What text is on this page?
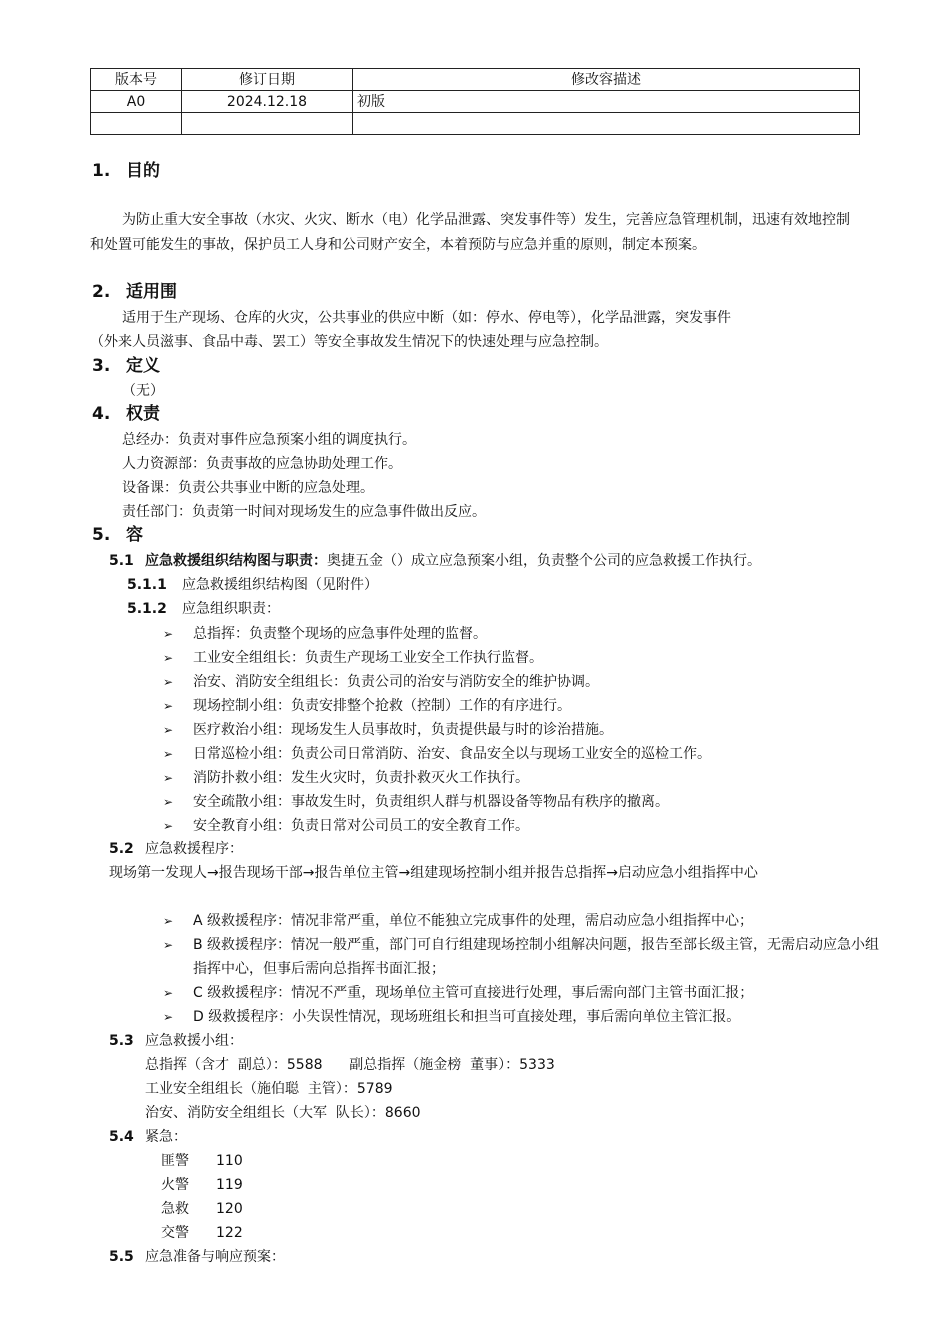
版本号	修订日期	修改容描述
A0	2024.12.18	初版

1. 目的
为防止重大安全事故（水灾、火灾、断水（电）化学品泄露、突发事件等）发生，完善应急管理机制，迅速有效地控制和处置可能发生的事故，保护员工人身和公司财产安全，本着预防与应急并重的原则，制定本预案。
2. 适用围
适用于生产现场、仓库的火灾，公共事业的供应中断（如：停水、停电等），化学品泄露，突发事件
（外来人员滋事、食品中毒、罢工）等安全事故发生情况下的快速处理与应急控制。
3. 定义
（无）
4. 权责
总经办：负责对事件应急预案小组的调度执行。
人力资源部：负责事故的应急协助处理工作。
设备课：负责公共事业中断的应急处理。
责任部门：负责第一时间对现场发生的应急事件做出反应。
5. 容
5.1 应急救援组织结构图与职责：奥捷五金（）成立应急预案小组，负责整个公司的应急救援工作执行。
5.1.1 应急救援组织结构图（见附件）
5.1.2 应急组织职责：
➢ 总指挥：负责整个现场的应急事件处理的监督。
➢ 工业安全组组长：负责生产现场工业安全工作执行监督。
➢ 治安、消防安全组组长：负责公司的治安与消防安全的维护协调。
➢ 现场控制小组：负责安排整个抢救（控制）工作的有序进行。
➢ 医疗救治小组：现场发生人员事故时，负责提供最与时的诊治措施。
➢ 日常巡检小组：负责公司日常消防、治安、食品安全以与现场工业安全的巡检工作。
➢ 消防扑救小组：发生火灾时，负责扑救灭火工作执行。
➢ 安全疏散小组：事故发生时，负责组织人群与机器设备等物品有秩序的撤离。
➢ 安全教育小组：负责日常对公司员工的安全教育工作。
5.2 应急救援程序：
现场第一发现人→报告现场干部→报告单位主管→组建现场控制小组并报告总指挥→启动应急小组指挥中心
➢ A 级救援程序：情况非常严重，单位不能独立完成事件的处理，需启动应急小组指挥中心；
➢ B 级救援程序：情况一般严重，部门可自行组建现场控制小组解决问题，报告至部长级主管，无需启动应急小组指挥中心，但事后需向总指挥书面汇报；
➢ C 级救援程序：情况不严重，现场单位主管可直接进行处理，事后需向部门主管书面汇报；
➢ D 级救援程序：小失误性情况，现场班组长和担当可直接处理，事后需向单位主管汇报。
5.3 应急救援小组：
总指挥（含才  副总）：5588      副总指挥（施金榜  董事）：5333
工业安全组组长（施伯聪  主管）：5789
治安、消防安全组组长（大军  队长）：8660
5.4 紧急：
匪警 110
火警 119
急救 120
交警 122
5.5 应急准备与响应预案：
